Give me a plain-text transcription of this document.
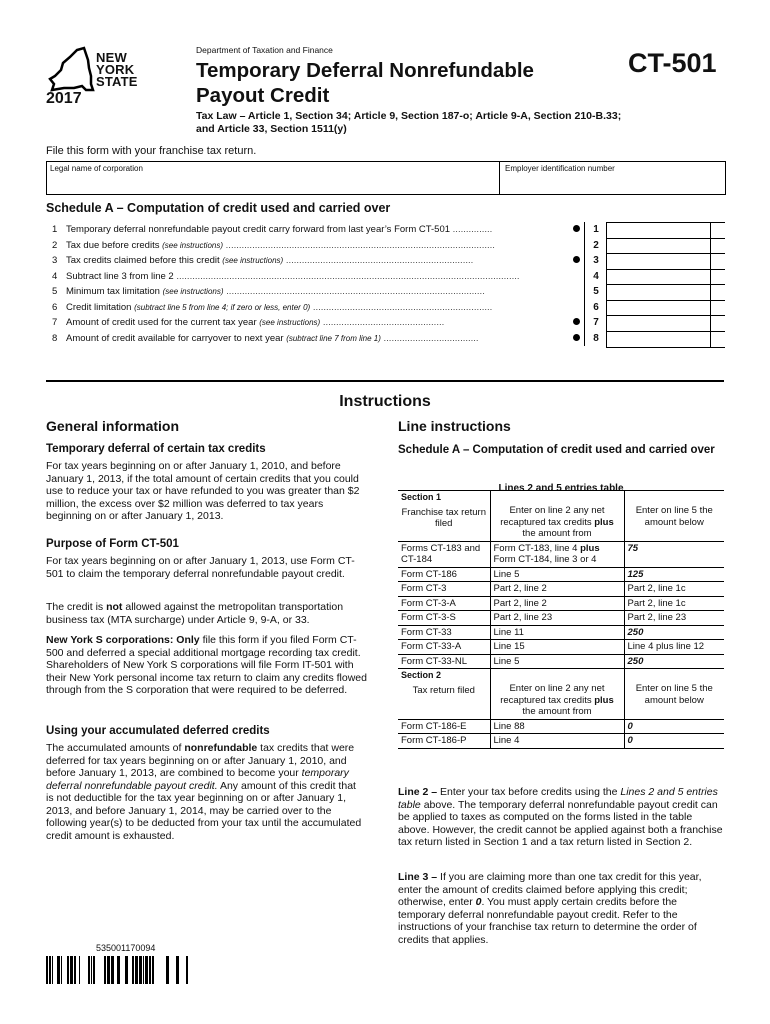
NEW
YORK
STATE
2017
Department of Taxation and Finance
Temporary Deferral Nonrefundable
Payout Credit
CT-501
Tax Law – Article 1, Section 34; Article 9, Section 187-o; Article 9-A, Section 210-B.33;
and Article 33, Section 1511(y)
File this form with your franchise tax return.
Legal name of corporation	Employer identification number
Schedule A – Computation of credit used and carried over
1 Temporary deferral nonrefundable payout credit carry forward from last year’s Form CT-501 ...............	1
2 Tax due before credits (see instructions) ......................................................................................................	2
3 Tax credits claimed before this credit (see instructions) .......................................................................	3
4 Subtract line 3 from line 2 ..................................................................................................................................	4
5 Minimum tax limitation (see instructions) ..................................................................................................	5
6 Credit limitation (subtract line 5 from line 4; if zero or less, enter 0) ....................................................................	6
7 Amount of credit used for the current tax year (see instructions) ..............................................	7
8 Amount of credit available for carryover to next year (subtract line 7 from line 1) ....................................	8
Instructions
General information
Temporary deferral of certain tax credits
For tax years beginning on or after January 1, 2010, and before January 1, 2013, if the total amount of certain credits that you could use to reduce your tax or have refunded to you was greater than $2 million, the excess over $2 million was deferred to tax years beginning on or after January 1, 2013.
Purpose of Form CT-501
For tax years beginning on or after January 1, 2013, use Form CT-501 to claim the temporary deferral nonrefundable payout credit.
The credit is not allowed against the metropolitan transportation business tax (MTA surcharge) under Article 9, 9-A, or 33.
New York S corporations: Only file this form if you filed Form CT-500 and deferred a special additional mortgage recording tax credit. Shareholders of New York S corporations will file Form IT-501 with their New York personal income tax return to claim any credits flowed through from the S corporation that were required to be deferred.
Using your accumulated deferred credits
The accumulated amounts of nonrefundable tax credits that were deferred for tax years beginning on or after January 1, 2010, and before January 1, 2013, are combined to become your temporary deferral nonrefundable payout credit. Any amount of this credit that is not deductible for the tax year beginning on or after January 1, 2013, and before January 1, 2014, may be carried over to the following year(s) to be deducted from your tax until the accumulated credit amount is exhausted.
Line instructions
Schedule A – Computation of credit used and carried over
Lines 2 and 5 entries table
Section 1
Franchise tax return filed	Enter on line 2 any net recaptured tax credits plus the amount from	Enter on line 5 the amount below
Forms CT-183 and CT-184	Form CT-183, line 4 plus Form CT-184, line 3 or 4	75
Form CT-186	Line 5	125
Form CT-3	Part 2, line 2	Part 2, line 1c
Form CT-3-A	Part 2, line 2	Part 2, line 1c
Form CT-3-S	Part 2, line 23	Part 2, line 23
Form CT-33	Line 11	250
Form CT-33-A	Line 15	Line 4 plus line 12
Form CT-33-NL	Line 5	250

Section 2
Tax return filed	Enter on line 2 any net recaptured tax credits plus the amount from	Enter on line 5 the amount below
Form CT-186-E	Line 88	0
Form CT-186-P	Line 4	0
Line 2 – Enter your tax before credits using the Lines 2 and 5 entries table above. The temporary deferral nonrefundable payout credit can be applied to taxes as computed on the forms listed in the table above. However, the credit cannot be applied against both a franchise tax return listed in Section 1 and a tax return listed in Section 2.
Line 3 – If you are claiming more than one tax credit for this year, enter the amount of credits claimed before applying this credit; otherwise, enter 0. You must apply certain credits before the temporary deferral nonrefundable payout credit. Refer to the instructions of your franchise tax return to determine the order of credits that applies.
535001170094
